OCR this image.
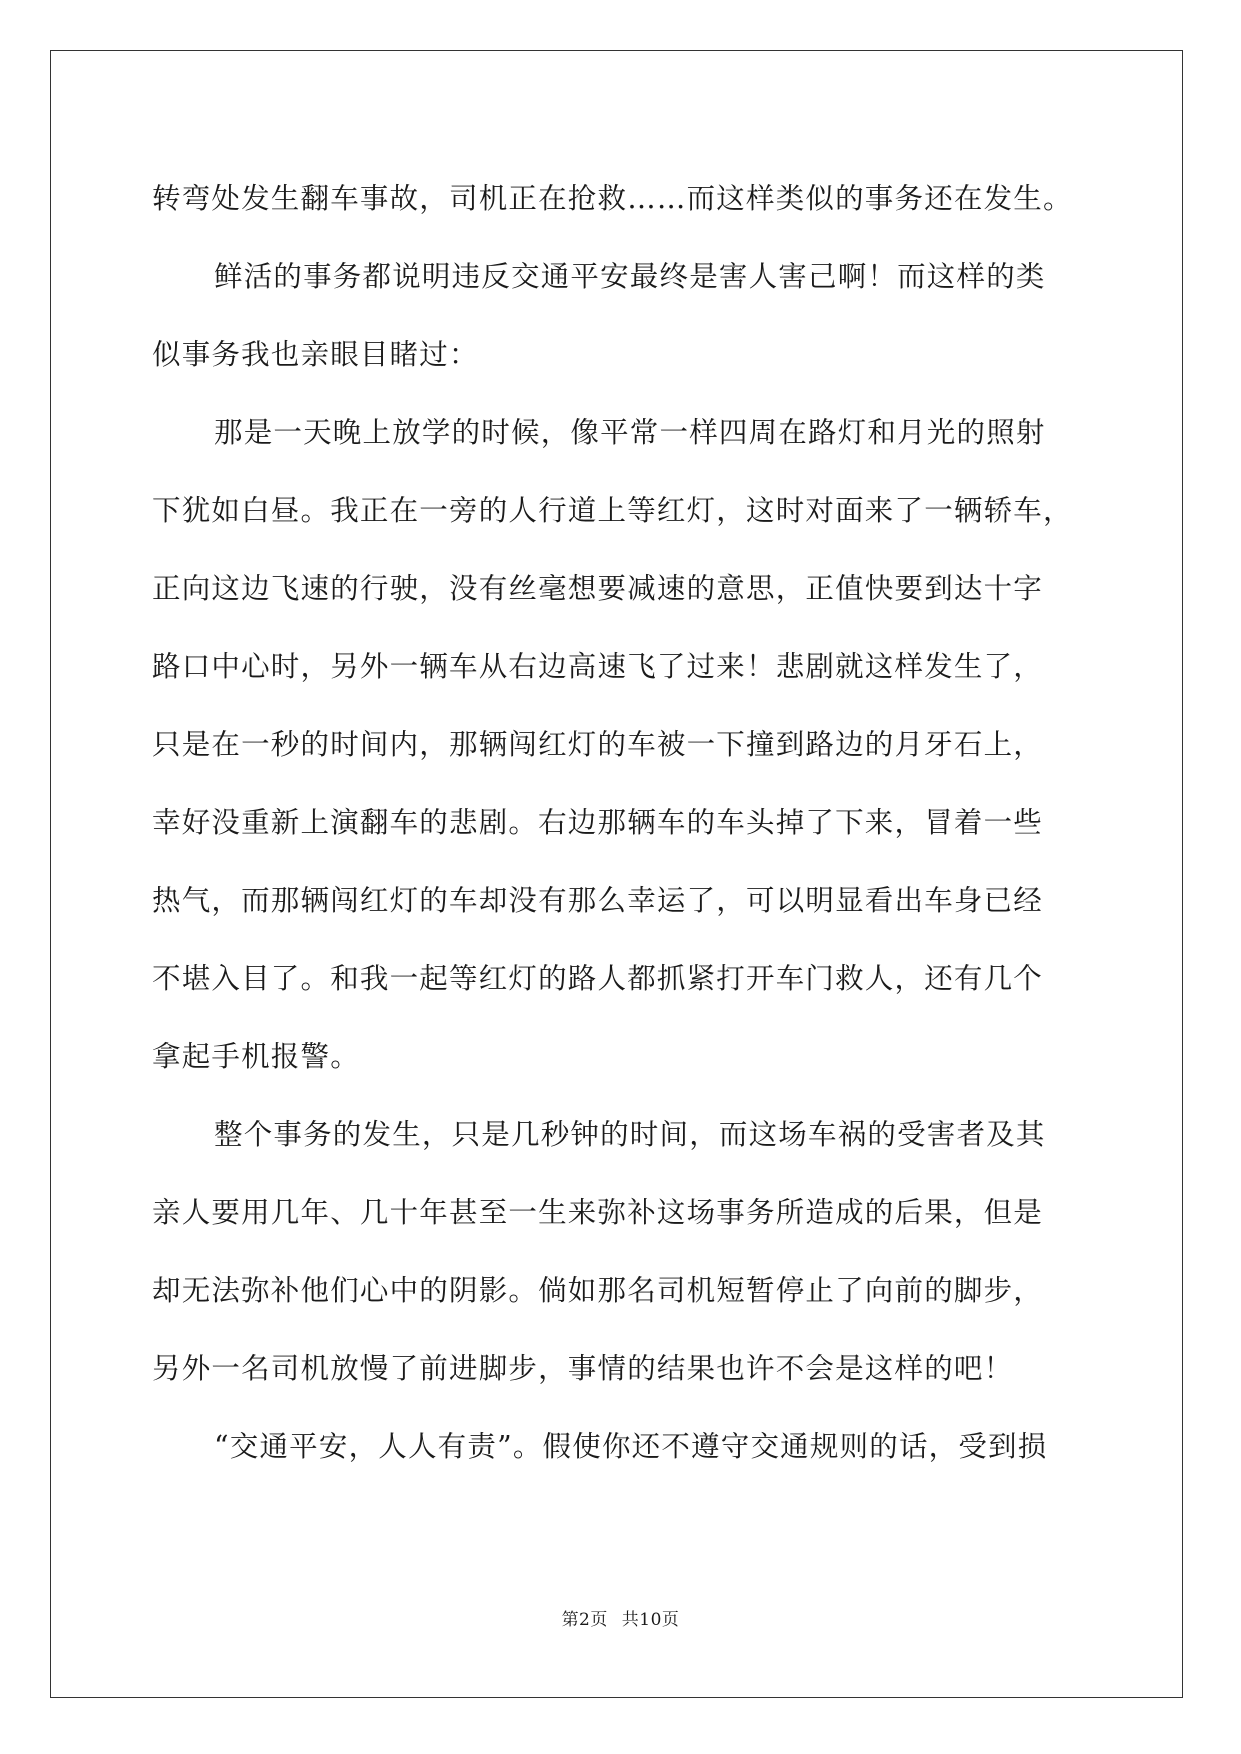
转弯处发生翻车事故，司机正在抢救……而这样类似的事务还在发生。
鲜活的事务都说明违反交通平安最终是害人害己啊！而这样的类
似事务我也亲眼目睹过：
那是一天晚上放学的时候，像平常一样四周在路灯和月光的照射
下犹如白昼。我正在一旁的人行道上等红灯，这时对面来了一辆轿车，
正向这边飞速的行驶，没有丝毫想要减速的意思，正值快要到达十字
路口中心时，另外一辆车从右边高速飞了过来！悲剧就这样发生了，
只是在一秒的时间内，那辆闯红灯的车被一下撞到路边的月牙石上，
幸好没重新上演翻车的悲剧。右边那辆车的车头掉了下来，冒着一些
热气，而那辆闯红灯的车却没有那么幸运了，可以明显看出车身已经
不堪入目了。和我一起等红灯的路人都抓紧打开车门救人，还有几个
拿起手机报警。
整个事务的发生，只是几秒钟的时间，而这场车祸的受害者及其
亲人要用几年、几十年甚至一生来弥补这场事务所造成的后果，但是
却无法弥补他们心中的阴影。倘如那名司机短暂停止了向前的脚步，
另外一名司机放慢了前进脚步，事情的结果也许不会是这样的吧！
“交通平安，人人有责”。假使你还不遵守交通规则的话，受到损
第2页 共10页
